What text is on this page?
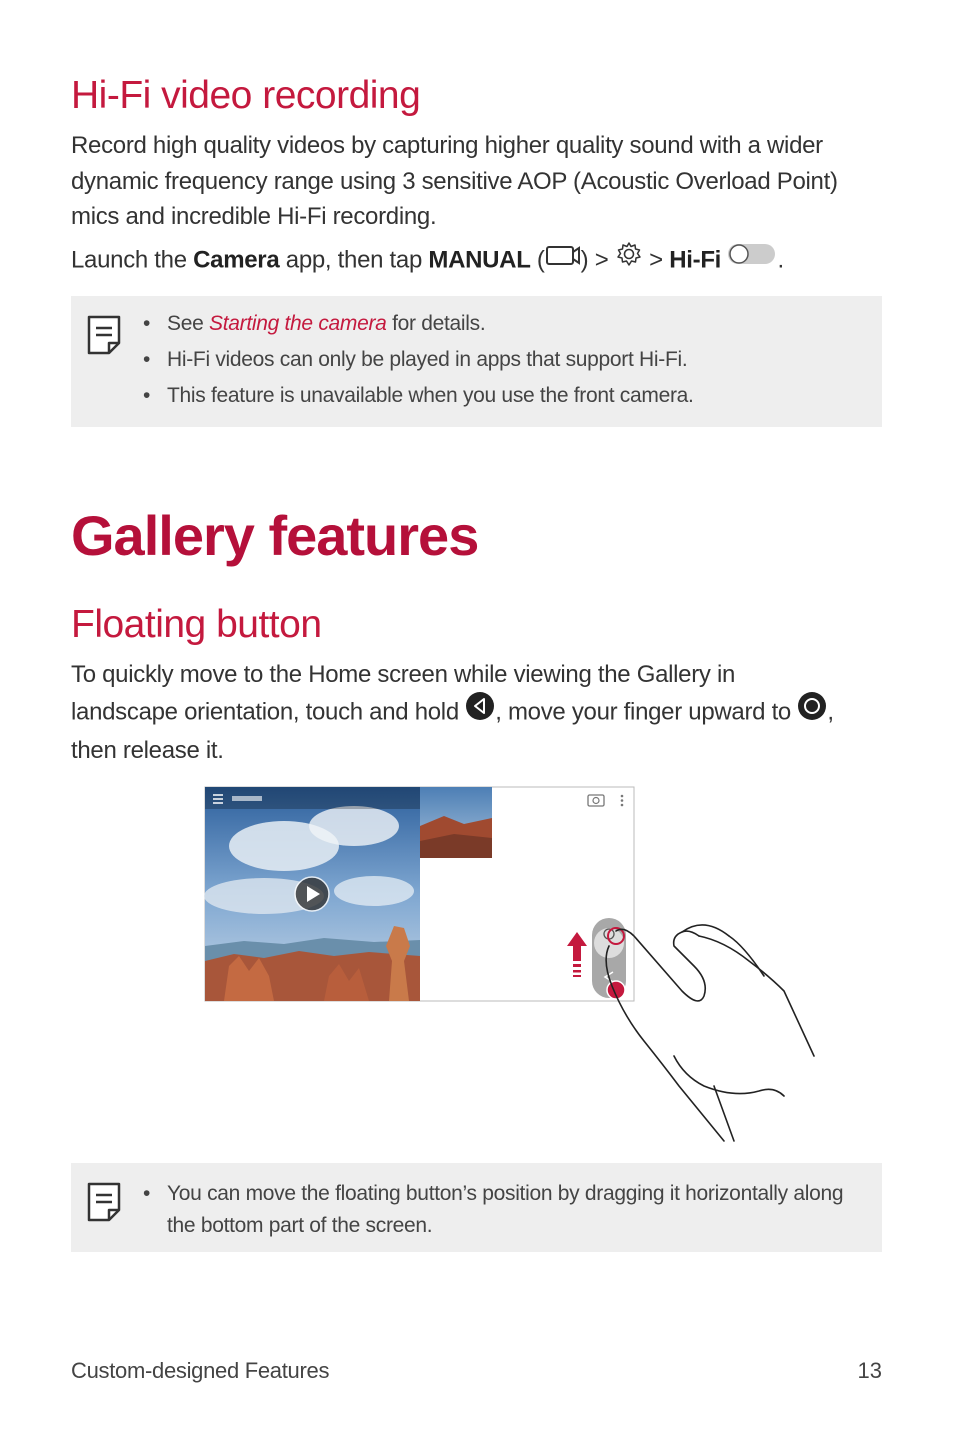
Hi-Fi video recording
Record high quality videos by capturing higher quality sound with a wider dynamic frequency range using 3 sensitive AOP (Acoustic Overload Point) mics and incredible Hi-Fi recording.
Launch the Camera app, then tap MANUAL ( ) >  > Hi-Fi .
• See Starting the camera for details.
• Hi-Fi videos can only be played in apps that support Hi-Fi.
• This feature is unavailable when you use the front camera.
Gallery features
Floating button
To quickly move to the Home screen while viewing the Gallery in
landscape orientation, touch and hold , move your finger upward to ,
then release it.
• You can move the floating button’s position by dragging it horizontally along the bottom part of the screen.
Custom-designed Features	13
